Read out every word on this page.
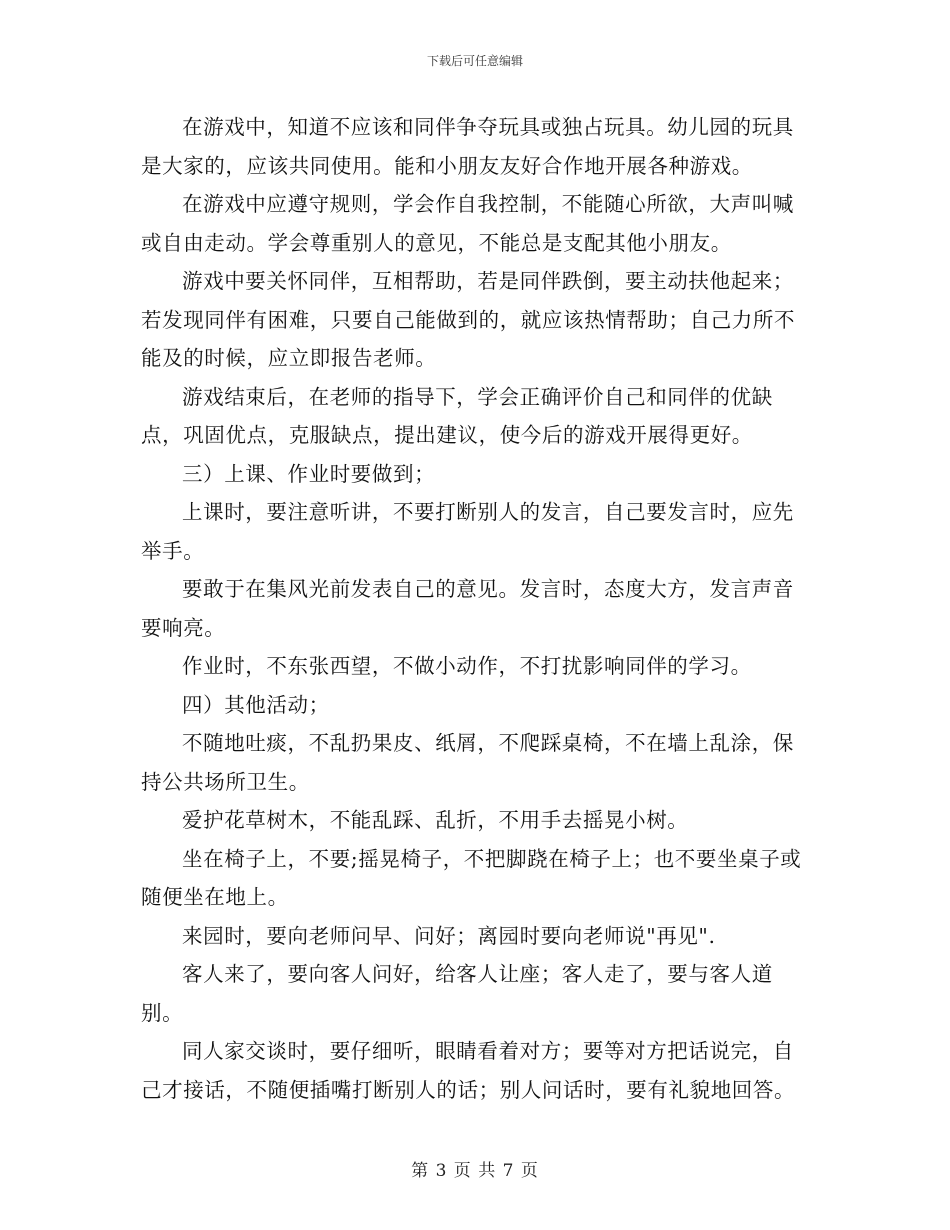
下载后可任意编辑

在游戏中，知道不应该和同伴争夺玩具或独占玩具。幼儿园的玩具是大家的，应该共同使用。能和小朋友友好合作地开展各种游戏。

在游戏中应遵守规则，学会作自我控制，不能随心所欲，大声叫喊或自由走动。学会尊重别人的意见，不能总是支配其他小朋友。

游戏中要关怀同伴，互相帮助，若是同伴跌倒，要主动扶他起来；若发现同伴有困难，只要自己能做到的，就应该热情帮助；自己力所不能及的时候，应立即报告老师。

游戏结束后，在老师的指导下，学会正确评价自己和同伴的优缺点，巩固优点，克服缺点，提出建议，使今后的游戏开展得更好。

三）上课、作业时要做到；

上课时，要注意听讲，不要打断别人的发言，自己要发言时，应先举手。

要敢于在集风光前发表自己的意见。发言时，态度大方，发言声音要响亮。

作业时，不东张西望，不做小动作，不打扰影响同伴的学习。

四）其他活动；

不随地吐痰，不乱扔果皮、纸屑，不爬踩桌椅，不在墙上乱涂，保持公共场所卫生。

爱护花草树木，不能乱踩、乱折，不用手去摇晃小树。

坐在椅子上，不要;摇晃椅子，不把脚跷在椅子上；也不要坐桌子或随便坐在地上。

来园时，要向老师问早、问好；离园时要向老师说"再见".

客人来了，要向客人问好，给客人让座；客人走了，要与客人道别。

同人家交谈时，要仔细听，眼睛看着对方；要等对方把话说完，自己才接话，不随便插嘴打断别人的话；别人问话时，要有礼貌地回答。

第 3 页 共 7 页
